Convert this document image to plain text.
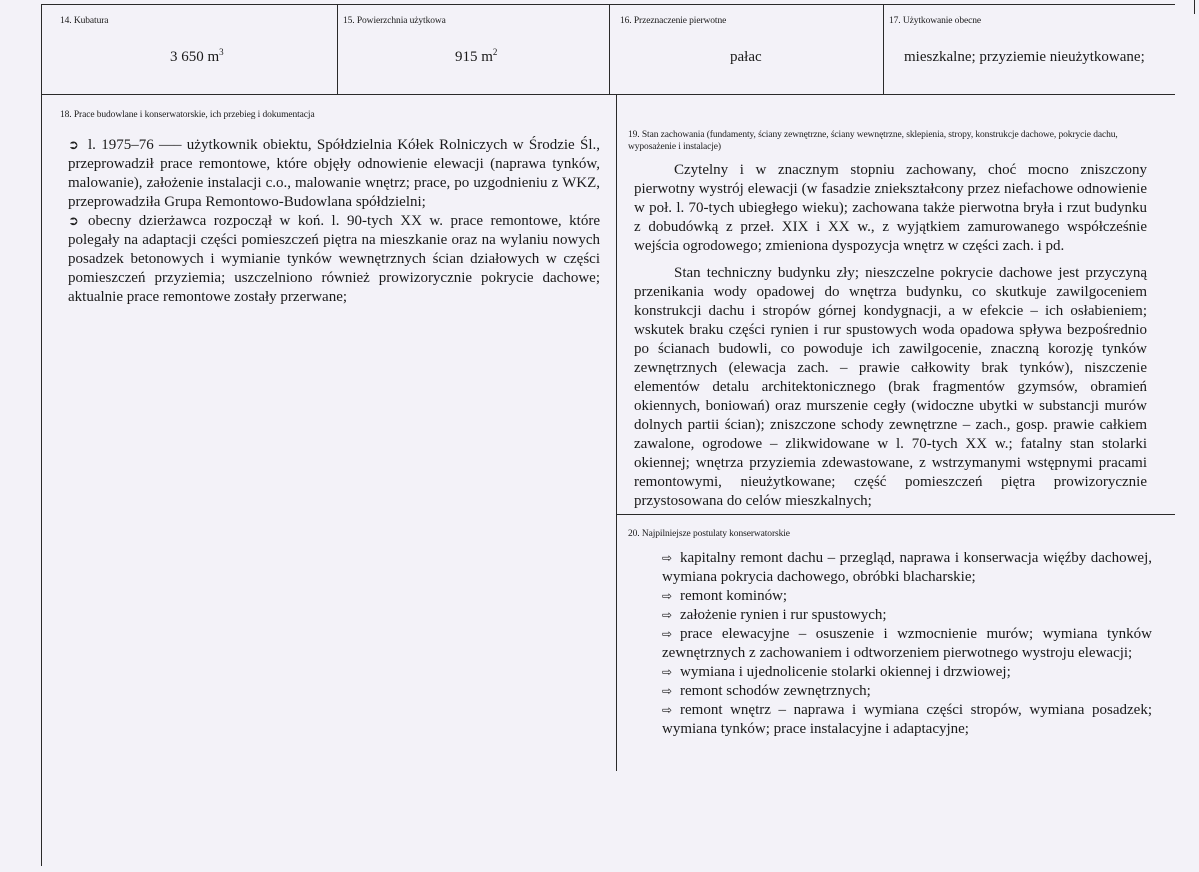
14. Kubatura
3 650 $m^3$
15. Powierzchnia użytkowa
915 $m^2$
16. Przeznaczenie pierwotne
pałac
17. Użytkowanie obecne
mieszkalne; przyziemie nieużytkowane;
18. Prace budowlane i konserwatorskie, ich przebieg i dokumentacja

➲ l. 1975–76 —– użytkownik obiektu, Spółdzielnia Kółek Rolniczych w Środzie Śl., przeprowadził prace remontowe, które objęły odnowienie elewacji (naprawa tynków, malowanie), założenie instalacji c.o., malowanie wnętrz; prace, po uzgodnieniu z WKZ, przeprowadziła Grupa Remontowo-Budowlana spółdzielni;

➲ obecny dzierżawca rozpoczął w koń. l. 90-tych XX w. prace remontowe, które polegały na adaptacji części pomieszczeń piętra na mieszkanie oraz na wylaniu nowych posadzek betonowych i wymianie tynków wewnętrznych ścian działowych w części pomieszczeń przyziemia; uszczelniono również prowizorycznie pokrycie dachowe; aktualnie prace remontowe zostały przerwane;

19. Stan zachowania (fundamenty, ściany zewnętrzne, ściany wewnętrzne, sklepienia, stropy, konstrukcje dachowe, pokrycie dachu, wyposażenie i instalacje)

Czytelny i w znacznym stopniu zachowany, choć mocno zniszczony pierwotny wystrój elewacji (w fasadzie zniekształcony przez niefachowe odnowienie w poł. l. 70-tych ubiegłego wieku); zachowana także pierwotna bryła i rzut budynku z dobudówką z przeł. XIX i XX w., z wyjątkiem zamurowanego współcześnie wejścia ogrodowego; zmieniona dyspozycja wnętrz w części zach. i pd.

Stan techniczny budynku zły; nieszczelne pokrycie dachowe jest przyczyną przenikania wody opadowej do wnętrza budynku, co skutkuje zawilgoceniem konstrukcji dachu i stropów górnej kondygnacji, a w efekcie – ich osłabieniem; wskutek braku części rynien i rur spustowych woda opadowa spływa bezpośrednio po ścianach budowli, co powoduje ich zawilgocenie, znaczną korozję tynków zewnętrznych (elewacja zach. – prawie całkowity brak tynków), niszczenie elementów detalu architektonicznego (brak fragmentów gzymsów, obramień okiennych, boniowań) oraz murszenie cegły (widoczne ubytki w substancji murów dolnych partii ścian); zniszczone schody zewnętrzne – zach., gosp. prawie całkiem zawalone, ogrodowe – zlikwidowane w l. 70-tych XX w.; fatalny stan stolarki okiennej; wnętrza przyziemia zdewastowane, z wstrzymanymi wstępnymi pracami remontowymi, nieużytkowane; część pomieszczeń piętra prowizorycznie przystosowana do celów mieszkalnych;

20. Najpilniejsze postulaty konserwatorskie

⇨ kapitalny remont dachu – przegląd, naprawa i konserwacja więźby dachowej, wymiana pokrycia dachowego, obróbki blacharskie;

⇨ remont kominów;

⇨ założenie rynien i rur spustowych;

⇨ prace elewacyjne – osuszenie i wzmocnienie murów; wymiana tynków zewnętrznych z zachowaniem i odtworzeniem pierwotnego wystroju elewacji;

⇨ wymiana i ujednolicenie stolarki okiennej i drzwiowej;

⇨ remont schodów zewnętrznych;

⇨ remont wnętrz – naprawa i wymiana części stropów, wymiana posadzek; wymiana tynków; prace instalacyjne i adaptacyjne;
